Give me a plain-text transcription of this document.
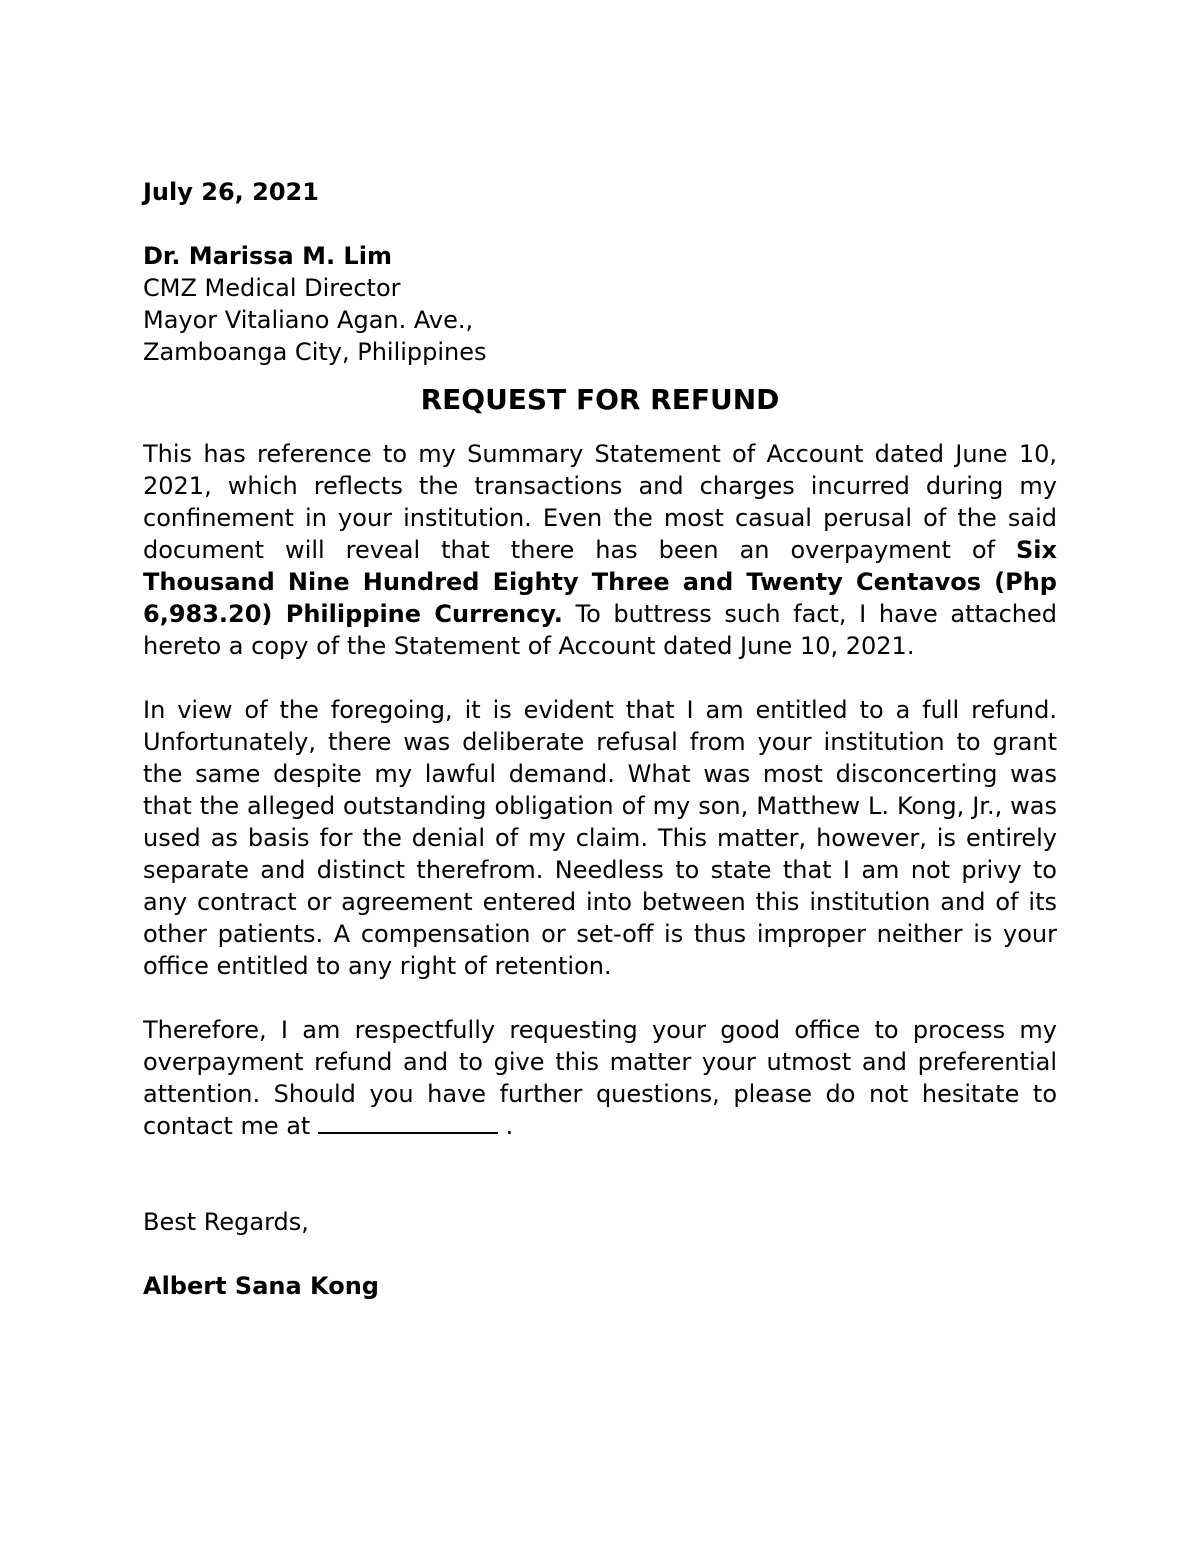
July 26, 2021
Dr. Marissa M. Lim
CMZ Medical Director
Mayor Vitaliano Agan. Ave.,
Zamboanga City, Philippines
REQUEST FOR REFUND

This has reference to my Summary Statement of Account dated June 10, 2021, which reflects the transactions and charges incurred during my confinement in your institution. Even the most casual perusal of the said document will reveal that there has been an overpayment of Six Thousand Nine Hundred Eighty Three and Twenty Centavos (Php 6,983.20) Philippine Currency. To buttress such fact, I have attached hereto a copy of the Statement of Account dated June 10, 2021.

In view of the foregoing, it is evident that I am entitled to a full refund. Unfortunately, there was deliberate refusal from your institution to grant the same despite my lawful demand. What was most disconcerting was that the alleged outstanding obligation of my son, Matthew L. Kong, Jr., was used as basis for the denial of my claim. This matter, however, is entirely separate and distinct therefrom. Needless to state that I am not privy to any contract or agreement entered into between this institution and of its other patients. A compensation or set-off is thus improper neither is your office entitled to any right of retention.

Therefore, I am respectfully requesting your good office to process my overpayment refund and to give this matter your utmost and preferential attention. Should you have further questions, please do not hesitate to contact me at	.

Best Regards,
Albert Sana Kong
